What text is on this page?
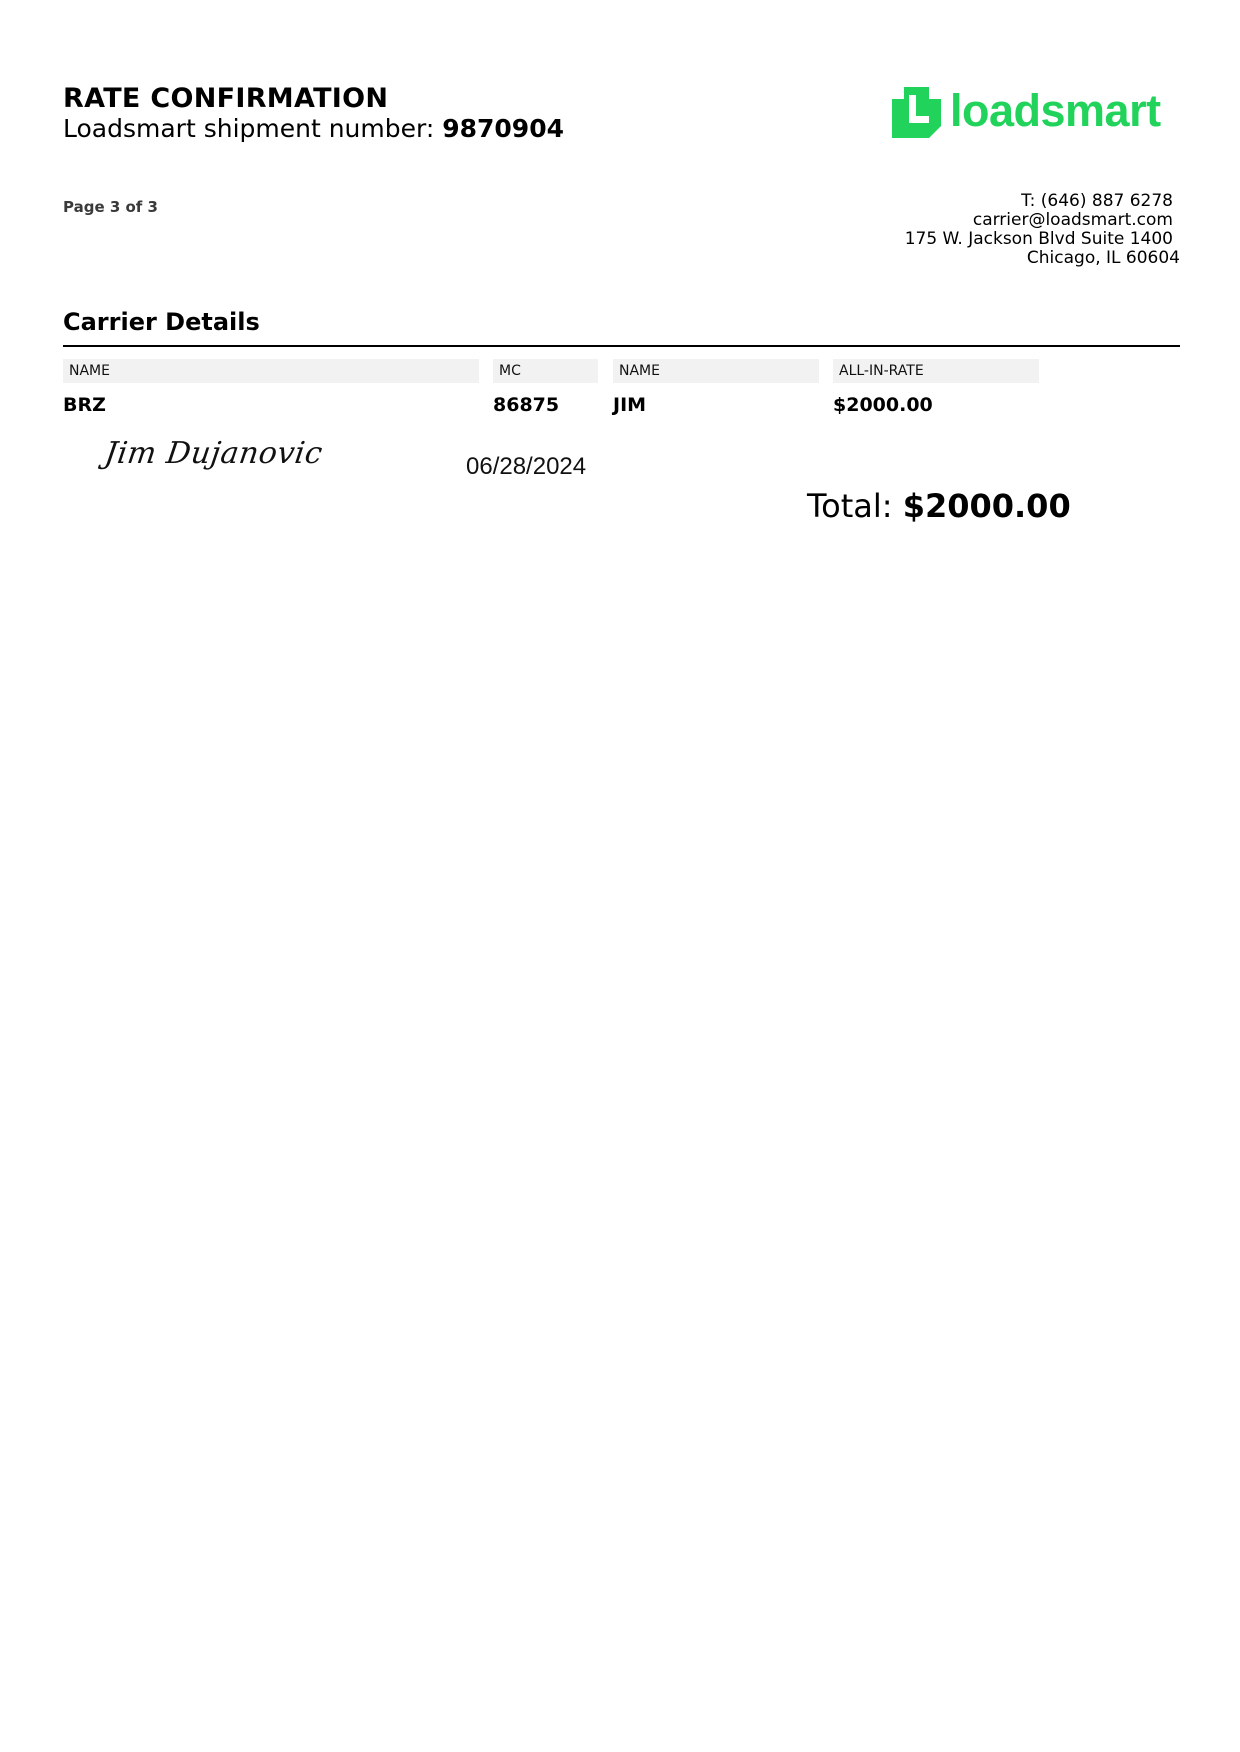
RATE CONFIRMATION
Loadsmart shipment number: 9870904	loadsmart
Page 3 of 3	T: (646) 887 6278
carrier@loadsmart.com
175 W. Jackson Blvd Suite 1400
Chicago, IL 60604
Carrier Details
NAME	MC	NAME	ALL-IN-RATE
BRZ	86875	JIM	$2000.00
Jim Dujanovic	06/28/2024
Total: $2000.00
